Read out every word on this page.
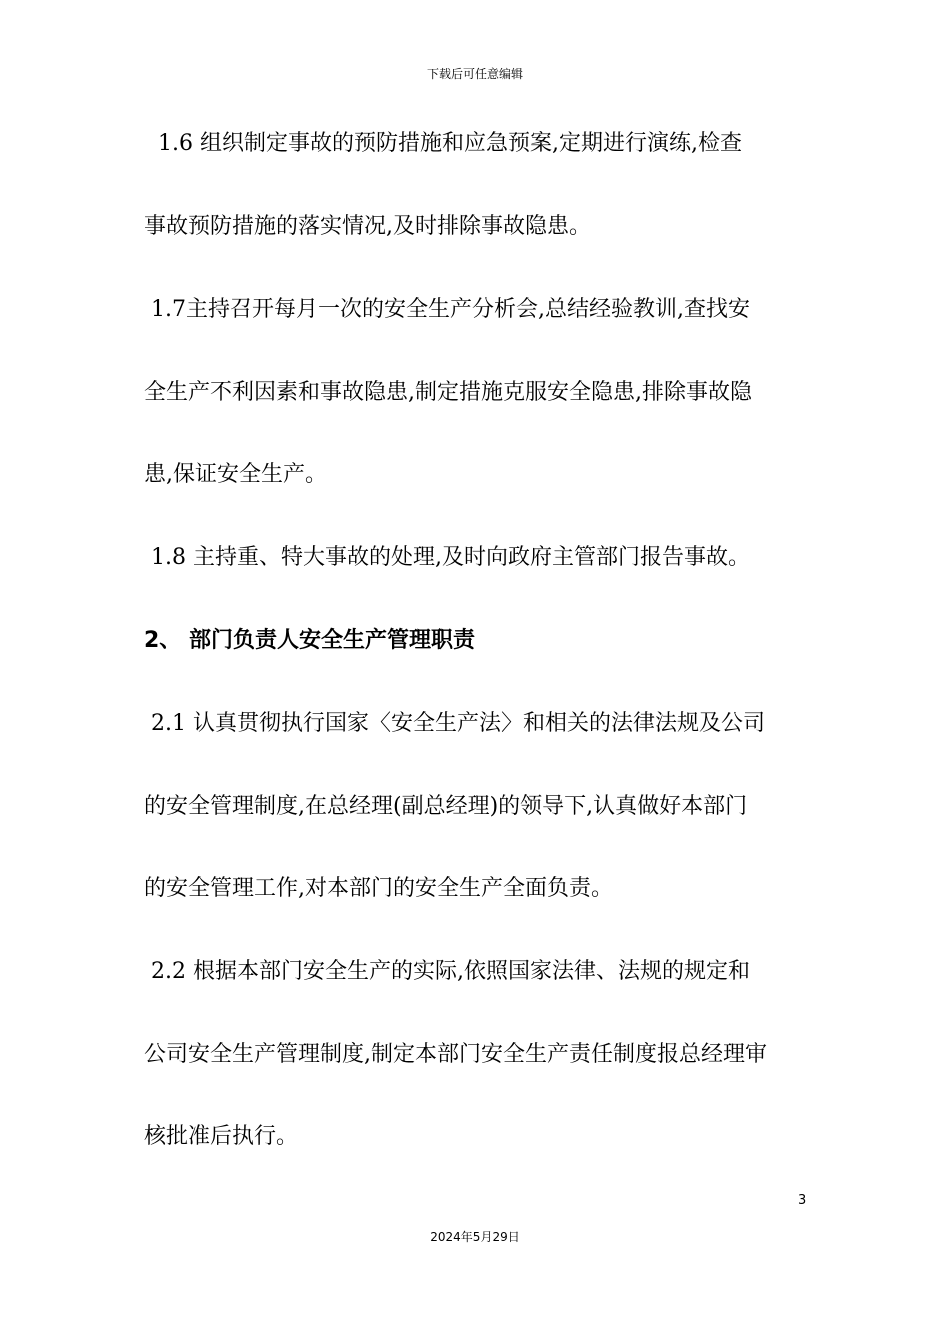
下载后可任意编辑
1.6 组织制定事故的预防措施和应急预案,定期进行演练,检查
事故预防措施的落实情况,及时排除事故隐患。
1.7主持召开每月一次的安全生产分析会,总结经验教训,查找安
全生产不利因素和事故隐患,制定措施克服安全隐患,排除事故隐
患,保证安全生产。
1.8 主持重、特大事故的处理,及时向政府主管部门报告事故。
2、 部门负责人安全生产管理职责
2.1 认真贯彻执行国家〈安全生产法〉和相关的法律法规及公司
的安全管理制度,在总经理(副总经理)的领导下,认真做好本部门
的安全管理工作,对本部门的安全生产全面负责。
2.2 根据本部门安全生产的实际,依照国家法律、法规的规定和
公司安全生产管理制度,制定本部门安全生产责任制度报总经理审
核批准后执行。
3
2024年5月29日
